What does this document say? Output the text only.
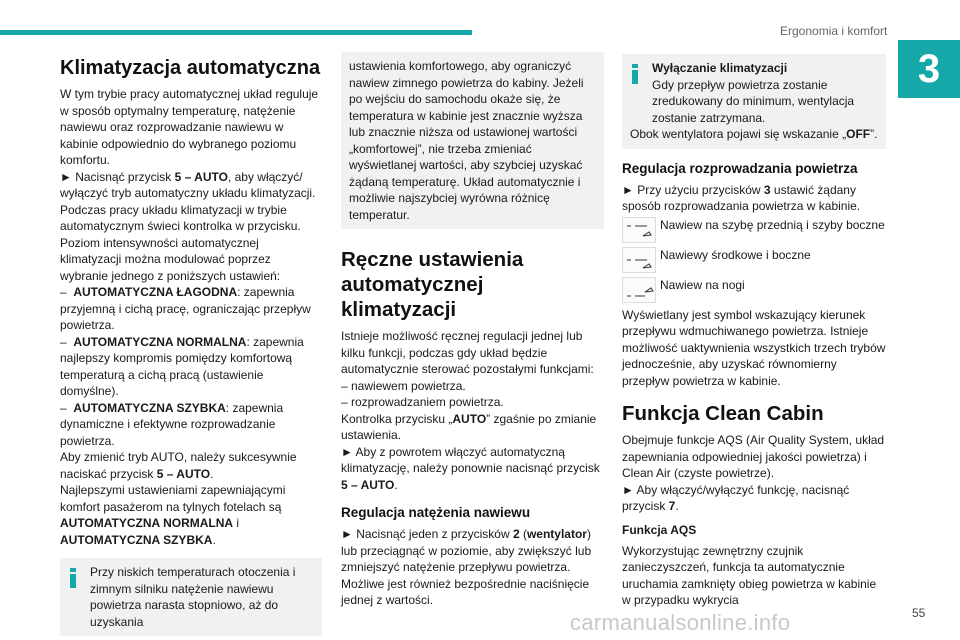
Ergonomia i komfort
3
Klimatyzacja automatyczna

W tym trybie pracy automatycznej układ reguluje w sposób optymalny temperaturę, natężenie nawiewu oraz rozprowadzanie nawiewu w kabinie odpowiednio do wybranego poziomu komfortu.

► Nacisnąć przycisk 5 – AUTO, aby włączyć/ wyłączyć tryb automatyczny układu klimatyzacji. Podczas pracy układu klimatyzacji w trybie automatycznym świeci kontrolka w przycisku. Poziom intensywności automatycznej klimatyzacji można modulować poprzez wybranie jednego z poniższych ustawień:

–  AUTOMATYCZNA ŁAGODNA: zapewnia przyjemną i cichą pracę, ograniczając przepływ powietrza.

–  AUTOMATYCZNA NORMALNA: zapewnia najlepszy kompromis pomiędzy komfortową temperaturą a cichą pracą (ustawienie domyślne).

–  AUTOMATYCZNA SZYBKA: zapewnia dynamiczne i efektywne rozprowadzanie powietrza.

Aby zmienić tryb AUTO, należy sukcesywnie naciskać przycisk 5 – AUTO.

Najlepszymi ustawieniami zapewniającymi komfort pasażerom na tylnych fotelach są AUTOMATYCZNA NORMALNA i AUTOMATYCZNA SZYBKA.

Przy niskich temperaturach otoczenia i zimnym silniku natężenie nawiewu powietrza narasta stopniowo, aż do uzyskania

ustawienia komfortowego, aby ograniczyć nawiew zimnego powietrza do kabiny. Jeżeli po wejściu do samochodu okaże się, że temperatura w kabinie jest znacznie wyższa lub znacznie niższa od ustawionej wartości „komfortowej”, nie trzeba zmieniać wyświetlanej wartości, aby szybciej uzyskać żądaną temperaturę. Układ automatycznie i możliwie najszybciej wyrówna różnicę temperatur.

Ręczne ustawienia automatycznej klimatyzacji

Istnieje możliwość ręcznej regulacji jednej lub kilku funkcji, podczas gdy układ będzie automatycznie sterować pozostałymi funkcjami:

– nawiewem powietrza.

– rozprowadzaniem powietrza.

Kontrolka przycisku „AUTO” zgaśnie po zmianie ustawienia.

► Aby z powrotem włączyć automatyczną klimatyzację, należy ponownie nacisnąć przycisk 5 – AUTO.

Regulacja natężenia nawiewu

► Nacisnąć jeden z przycisków 2 (wentylator) lub przeciągnąć w poziomie, aby zwiększyć lub zmniejszyć natężenie przepływu powietrza. Możliwe jest również bezpośrednie naciśnięcie jednej z wartości.

Wyłączanie klimatyzacji

Gdy przepływ powietrza zostanie zredukowany do minimum, wentylacja zostanie zatrzymana.

Obok wentylatora pojawi się wskazanie „OFF”.

Regulacja rozprowadzania powietrza

► Przy użyciu przycisków 3 ustawić żądany sposób rozprowadzania powietrza w kabinie.

Nawiew na szybę przednią i szyby boczne
Nawiewy środkowe i boczne
Nawiew na nogi

Wyświetlany jest symbol wskazujący kierunek przepływu wdmuchiwanego powietrza. Istnieje możliwość uaktywnienia wszystkich trzech trybów jednocześnie, aby uzyskać równomierny przepływ powietrza w kabinie.

Funkcja Clean Cabin

Obejmuje funkcje AQS (Air Quality System, układ zapewniania odpowiedniej jakości powietrza) i Clean Air (czyste powietrze).

► Aby włączyć/wyłączyć funkcję, nacisnąć przycisk 7.

Funkcja AQS

Wykorzystując zewnętrzny czujnik zanieczyszczeń, funkcja ta automatycznie uruchamia zamknięty obieg powietrza w kabinie w przypadku wykrycia

carmanualsonline.info	55
